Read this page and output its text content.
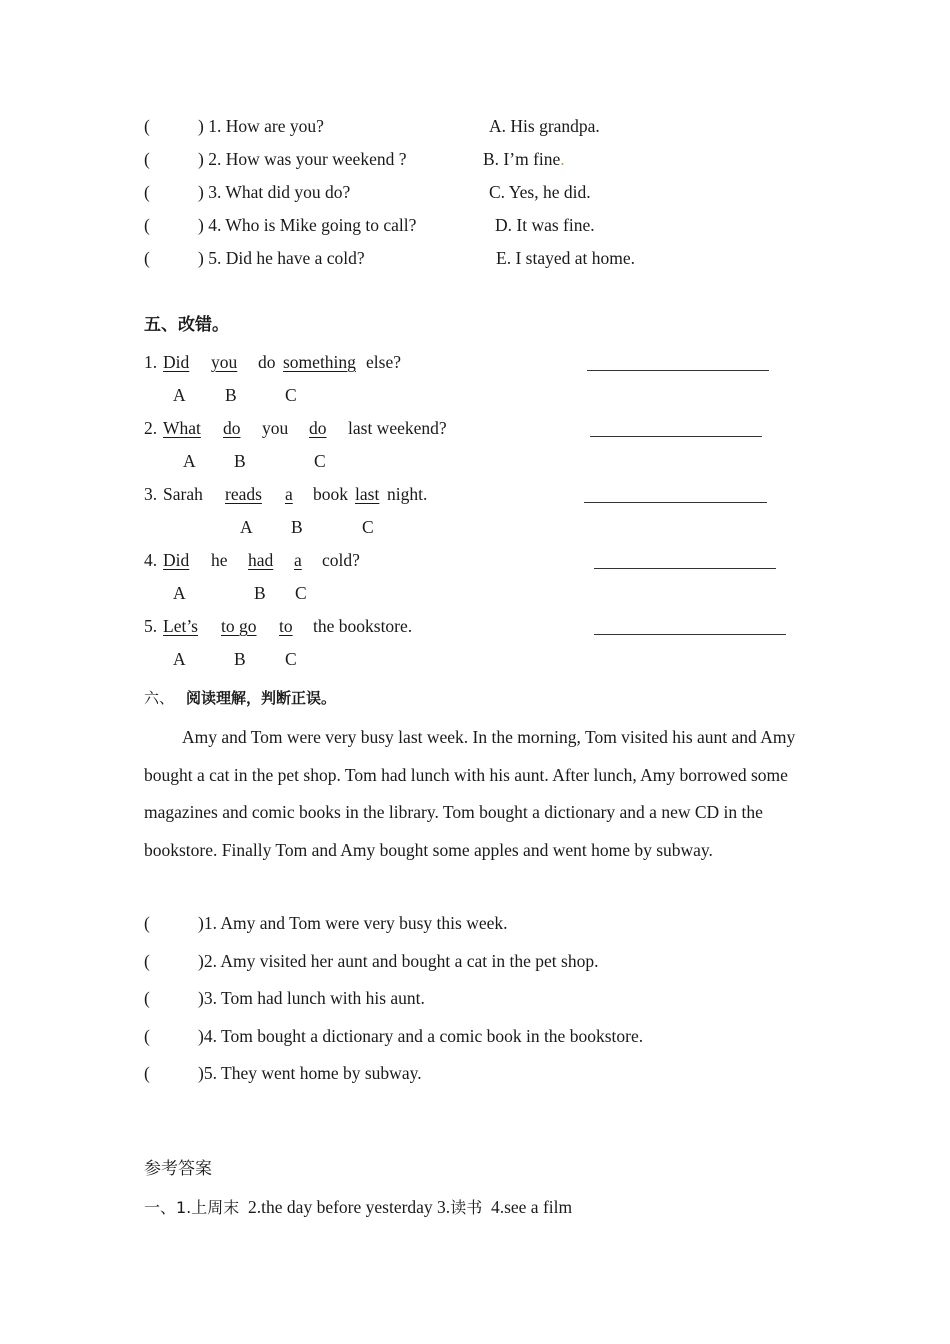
(	) 1. How are you?	A. His grandpa.
(	) 2. How was your weekend ?	B. I’m fine.
(	) 3. What did you do?	C. Yes, he did.
(	) 4. Who is Mike going to call?	D. It was fine.
(	) 5. Did he have a cold?	E. I stayed at home.
五、改错。
1. Did	you do something else?
A B	C
2. What do you do last weekend?
A B	C
3. Sarah reads a book last night.
A B	C
4. Did he had a cold?
A	B C
5. Let’s to go to the bookstore.
A	B C
六、 阅读理解，判断正误。
Amy and Tom were very busy last week. In the morning, Tom visited his aunt and Amy bought a cat in the pet shop. Tom had lunch with his aunt. After lunch, Amy borrowed some magazines and comic books in the library. Tom bought a dictionary and a new CD in the bookstore. Finally Tom and Amy bought some apples and went home by subway.
(	)1. Amy and Tom were very busy this week.
(	)2. Amy visited her aunt and bought a cat in the pet shop.
(	)3. Tom had lunch with his aunt.
(	)4. Tom bought a dictionary and a comic book in the bookstore.
(	)5. They went home by subway.
参考答案
一、1.上周末 2.the day before yesterday 3.读书 4.see a film
